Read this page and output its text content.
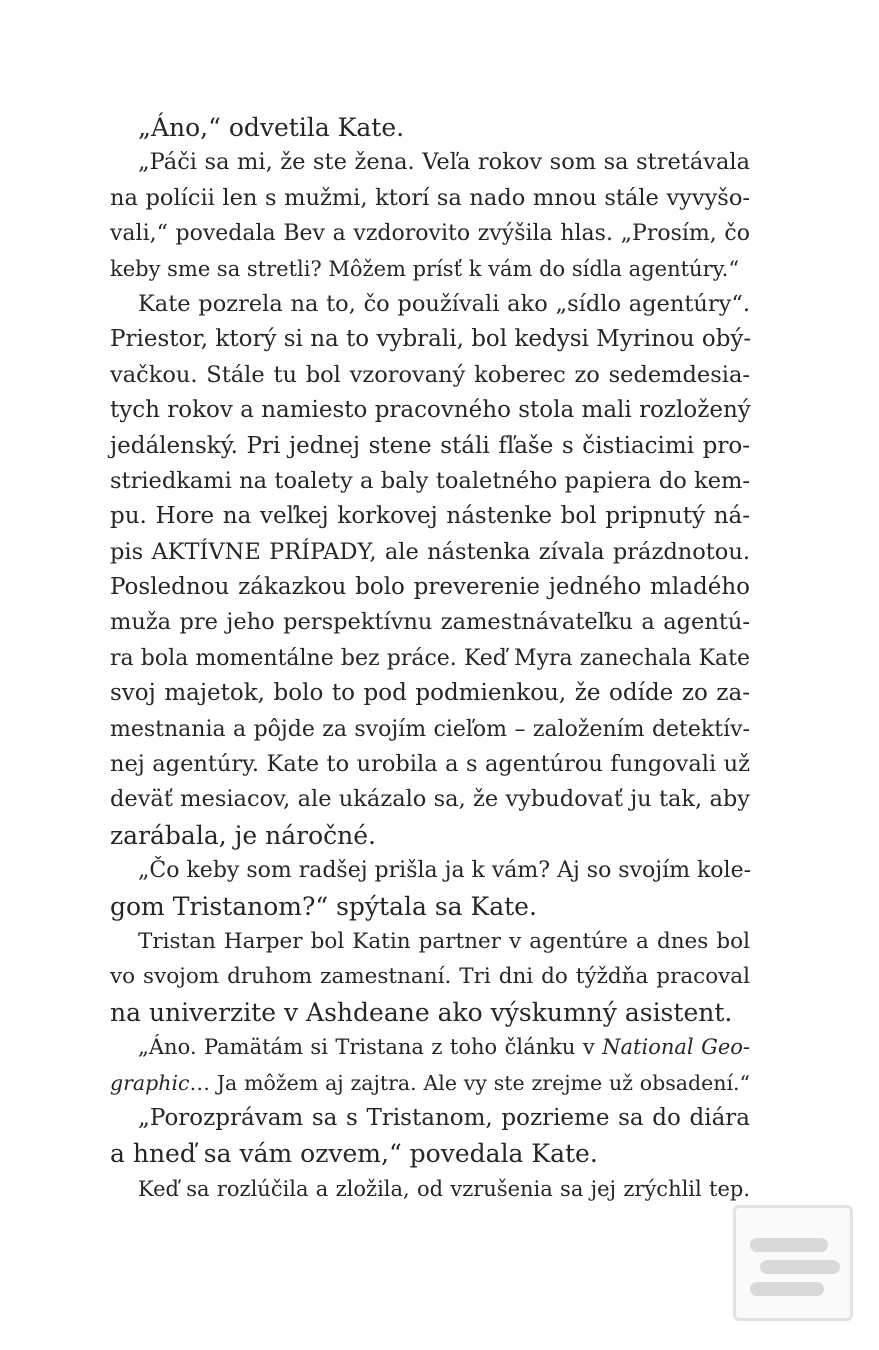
„Áno,“ odvetila Kate.
„Páči sa mi, že ste žena. Veľa rokov som sa stretávala
na polícii len s mužmi, ktorí sa nado mnou stále vyvyšo-
vali,“ povedala Bev a vzdorovito zvýšila hlas. „Prosím, čo
keby sme sa stretli? Môžem prísť k vám do sídla agentúry.“
Kate pozrela na to, čo používali ako „sídlo agentúry“.
Priestor, ktorý si na to vybrali, bol kedysi Myrinou obý-
vačkou. Stále tu bol vzorovaný koberec zo sedemdesia-
tych rokov a namiesto pracovného stola mali rozložený
jedálenský. Pri jednej stene stáli fľaše s čistiacimi pro-
striedkami na toalety a baly toaletného papiera do kem-
pu. Hore na veľkej korkovej nástenke bol pripnutý ná-
pis AKTÍVNE PRÍPADY, ale nástenka zívala prázdnotou.
Poslednou zákazkou bolo preverenie jedného mladého
muža pre jeho perspektívnu zamestnávateľku a agentú-
ra bola momentálne bez práce. Keď Myra zanechala Kate
svoj majetok, bolo to pod podmienkou, že odíde zo za-
mestnania a pôjde za svojím cieľom – založením detektív-
nej agentúry. Kate to urobila a s agentúrou fungovali už
deväť mesiacov, ale ukázalo sa, že vybudovať ju tak, aby
zarábala, je náročné.
„Čo keby som radšej prišla ja k vám? Aj so svojím kole-
gom Tristanom?“ spýtala sa Kate.
Tristan Harper bol Katin partner v agentúre a dnes bol
vo svojom druhom zamestnaní. Tri dni do týždňa pracoval
na univerzite v Ashdeane ako výskumný asistent.
„Áno. Pamätám si Tristana z toho článku v National Geo-
graphic… Ja môžem aj zajtra. Ale vy ste zrejme už obsadení.“
„Porozprávam sa s Tristanom, pozrieme sa do diára
a hneď sa vám ozvem,“ povedala Kate.
Keď sa rozlúčila a zložila, od vzrušenia sa jej zrýchlil tep.
